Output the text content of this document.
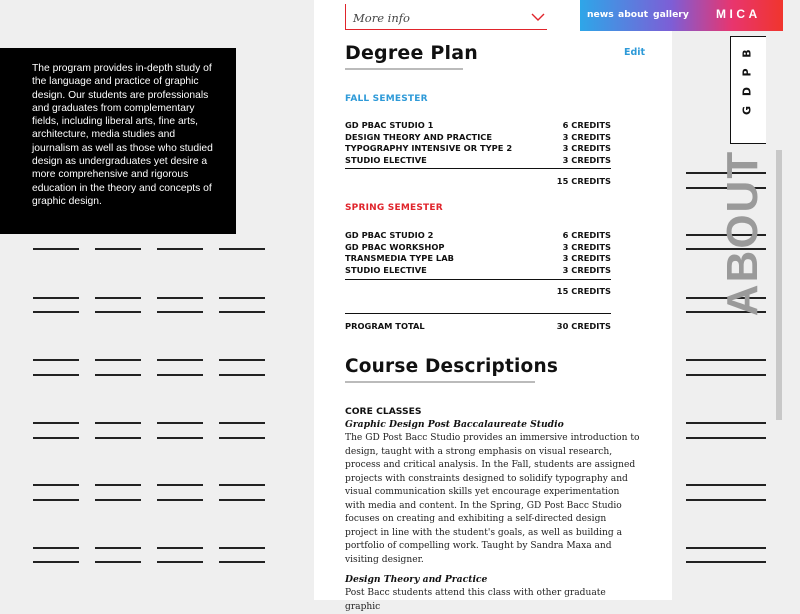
The program provides in-depth study of the language and practice of graphic design. Our students are professionals and graduates from complementary fields, including liberal arts, fine arts, architecture, media studies and journalism as well as those who studied design as undergraduates yet desire a more comprehensive and rigorous education in the theory and concepts of graphic design.
More info
Degree Plan	Edit
FALL SEMESTER
GD PBAC STUDIO 1	6 CREDITS
DESIGN THEORY AND PRACTICE	3 CREDITS
TYPOGRAPHY INTENSIVE OR TYPE 2	3 CREDITS
STUDIO ELECTIVE	3 CREDITS
15 CREDITS
SPRING SEMESTER
GD PBAC STUDIO 2	6 CREDITS
GD PBAC WORKSHOP	3 CREDITS
TRANSMEDIA TYPE LAB	3 CREDITS
STUDIO ELECTIVE	3 CREDITS
15 CREDITS
PROGRAM TOTAL	30 CREDITS
Course Descriptions
CORE CLASSES
Graphic Design Post Baccalaureate Studio
The GD Post Bacc Studio provides an immersive introduction to design, taught with a strong emphasis on visual research, process and critical analysis. In the Fall, students are assigned projects with constraints designed to solidify typography and visual communication skills yet encourage experimentation with media and content. In the Spring, GD Post Bacc Studio focuses on creating and exhibiting a self-directed design project in line with the student's goals, as well as building a portfolio of compelling work. Taught by Sandra Maxa and visiting designer.
Design Theory and Practice
Post Bacc students attend this class with other graduate graphic
news about gallery MICA
B
P
D
G
ABOUT
